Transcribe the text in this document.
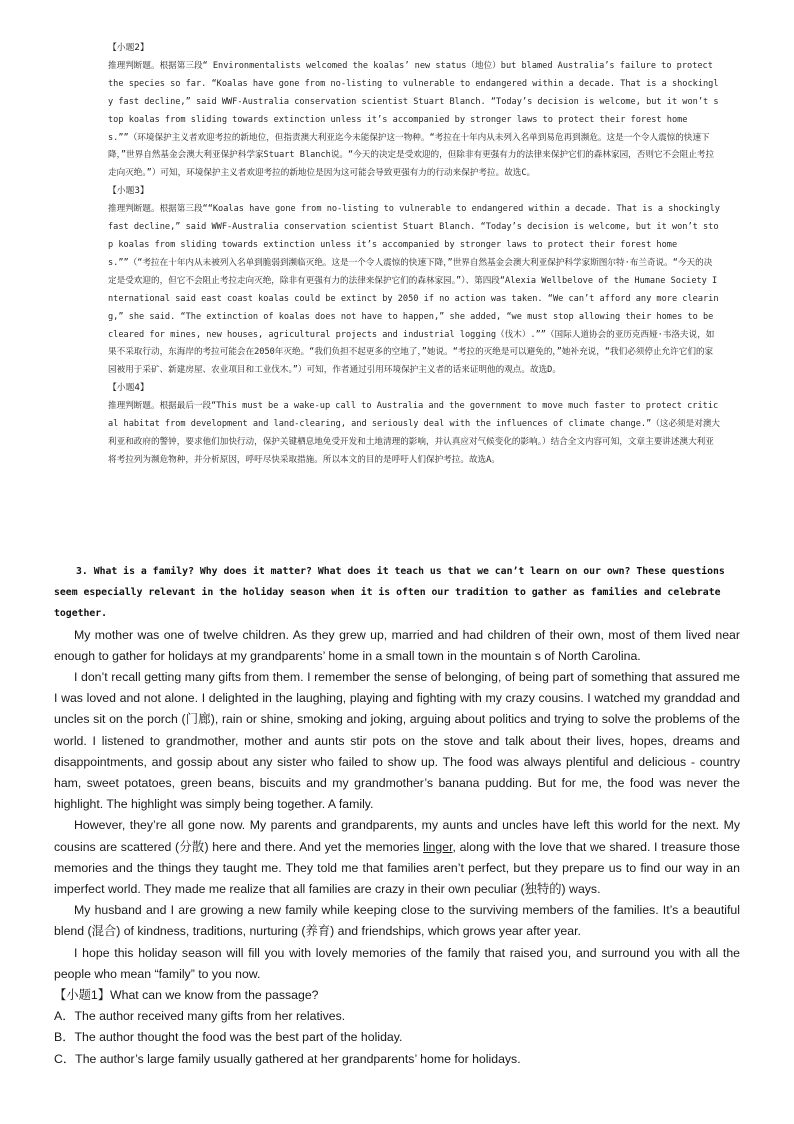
【小题2】

推理判断题。根据第三段“ Environmentalists welcomed the koalas’ new status（地位）but blamed Australia’s failure to protect the species so far. “Koalas have gone from no-listing to vulnerable to endangered within a decade. That is a shockingly fast decline,” said WWF-Australia conservation scientist Stuart Blanch. “Today’s decision is welcome, but it won’t stop koalas from sliding towards extinction unless it’s accompanied by stronger laws to protect their forest homes.””（环境保护主义者欢迎考拉的新地位，但指责澳大利亚迄今未能保护这一物种。“考拉在十年内从未列入名单到易危再到濒危。这是一个令人震惊的快速下降，”世界自然基金会澳大利亚保护科学家Stuart Blanch说。“今天的决定是受欢迎的，但除非有更强有力的法律来保护它们的森林家园，否则它不会阻止考拉走向灭绝。”）可知，环境保护主义者欢迎考拉的新地位是因为这可能会导致更强有力的行动来保护考拉。故选C。

【小题3】

推理判断题。根据第三段““Koalas have gone from no-listing to vulnerable to endangered within a decade. That is a shockingly fast decline,” said WWF-Australia conservation scientist Stuart Blanch. “Today’s decision is welcome, but it won’t stop koalas from sliding towards extinction unless it’s accompanied by stronger laws to protect their forest homes.””（“考拉在十年内从未被列入名单到脆弱到濒临灭绝。这是一个令人震惊的快速下降，”世界自然基金会澳大利亚保护科学家斯图尔特·布兰奇说。“今天的决定是受欢迎的，但它不会阻止考拉走向灭绝，除非有更强有力的法律来保护它们的森林家园。”）、第四段“Alexia Wellbelove of the Humane Society International said east coast koalas could be extinct by 2050 if no action was taken. “We can’t afford any more clearing,” she said. “The extinction of koalas does not have to happen,” she added, “we must stop allowing their homes to be cleared for mines, new houses, agricultural projects and industrial logging（伐木）.””（国际人道协会的亚历克西娅·韦洛夫说，如果不采取行动，东海岸的考拉可能会在2050年灭绝。“我们负担不起更多的空地了，”她说。“考拉的灭绝是可以避免的，”她补充说，“我们必须停止允许它们的家园被用于采矿、新建房屋、农业项目和工业伐木。”）可知，作者通过引用环境保护主义者的话来证明他的观点。故选D。

【小题4】

推理判断题。根据最后一段“This must be a wake-up call to Australia and the government to move much faster to protect critical habitat from development and land-clearing, and seriously deal with the influences of climate change.”（这必须是对澳大利亚和政府的警钟，要求他们加快行动，保护关键栖息地免受开发和土地清理的影响，并认真应对气候变化的影响。）结合全文内容可知，文章主要讲述澳大利亚将考拉列为濒危物种，并分析原因，呼吁尽快采取措施。所以本文的目的是呼吁人们保护考拉。故选A。

3. What is a family? Why does it matter? What does it teach us that we can’t learn on our own? These questions seem especially relevant in the holiday season when it is often our tradition to gather as families and celebrate together.

My mother was one of twelve children. As they grew up, married and had children of their own, most of them lived near enough to gather for holidays at my grandparents’ home in a small town in the mountain s of North Carolina.

I don’t recall getting many gifts from them. I remember the sense of belonging, of being part of something that assured me I was loved and not alone. I delighted in the laughing, playing and fighting with my crazy cousins. I watched my granddad and uncles sit on the porch (门廊), rain or shine, smoking and joking, arguing about politics and trying to solve the problems of the world. I listened to grandmother, mother and aunts stir pots on the stove and talk about their lives, hopes, dreams and disappointments, and gossip about any sister who failed to show up. The food was always plentiful and delicious - country ham, sweet potatoes, green beans, biscuits and my grandmother’s banana pudding. But for me, the food was never the highlight. The highlight was simply being together. A family.

However, they’re all gone now. My parents and grandparents, my aunts and uncles have left this world for the next. My cousins are scattered (分散) here and there. And yet the memories linger, along with the love that we shared. I treasure those memories and the things they taught me. They told me that families aren’t perfect, but they prepare us to find our way in an imperfect world. They made me realize that all families are crazy in their own peculiar (独特的) ways.

My husband and I are growing a new family while keeping close to the surviving members of the families. It’s a beautiful blend (混合) of kindness, traditions, nurturing (养育) and friendships, which grows year after year.

I hope this holiday season will fill you with lovely memories of the family that raised you, and surround you with all the people who mean “family” to you now.

【小题1】What can we know from the passage?

A．The author received many gifts from her relatives.

B．The author thought the food was the best part of the holiday.

C．The author’s large family usually gathered at her grandparents’ home for holidays.
